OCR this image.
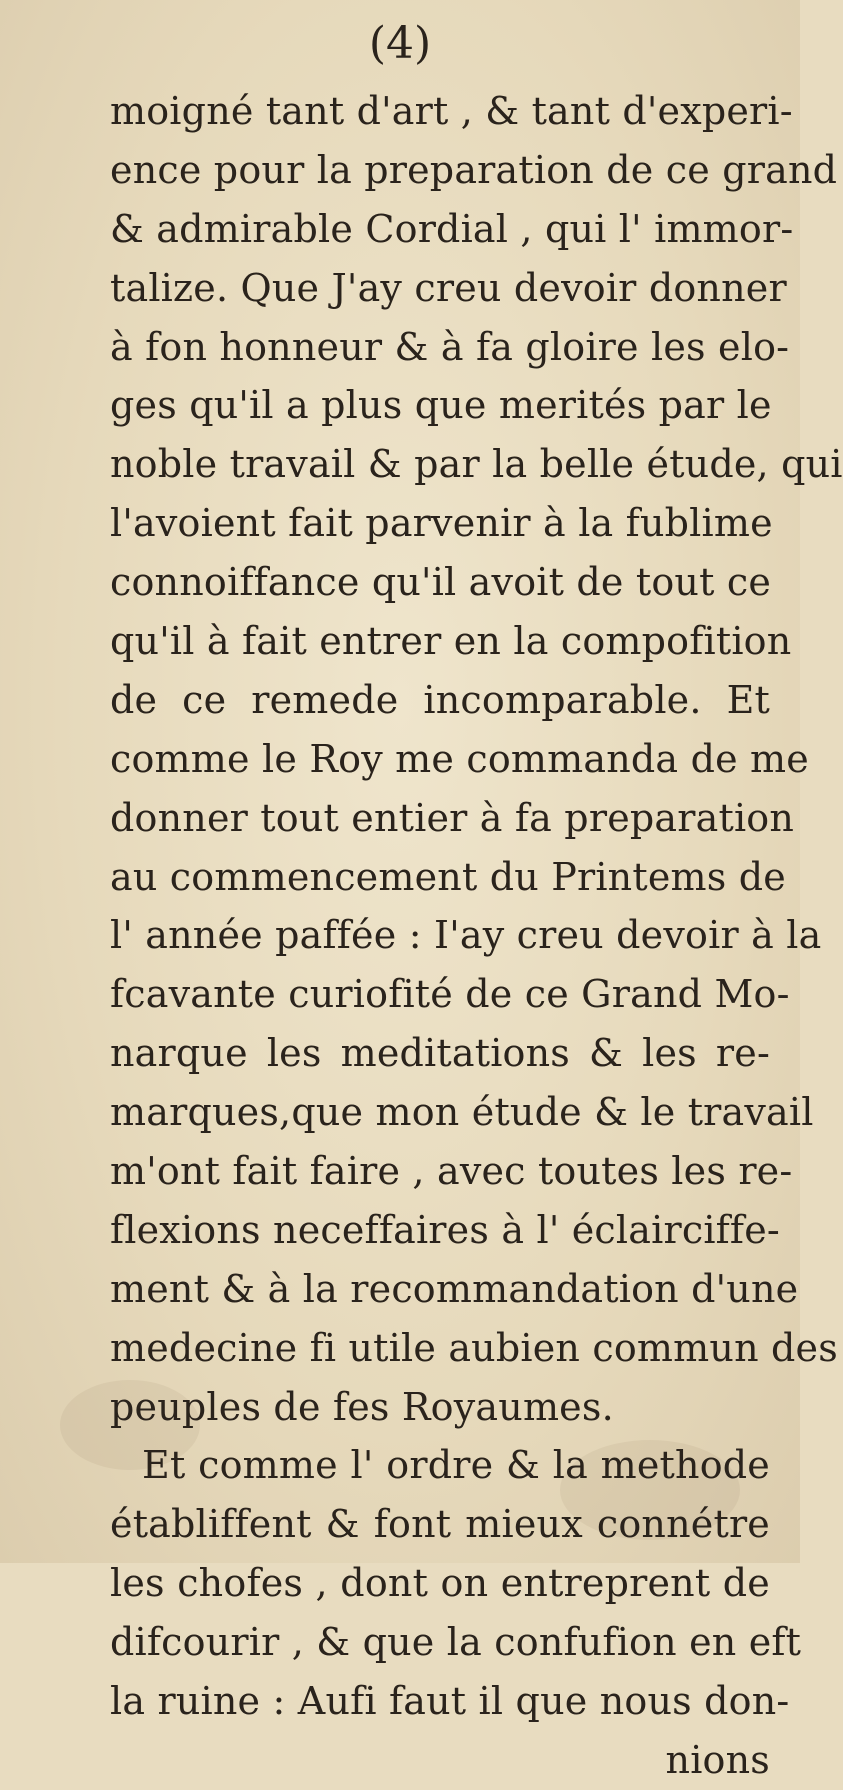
(4)
moigné tant d'art , & tant d'experi-
ence pour la preparation de ce grand
& admirable Cordial , qui l' immor-
talize. Que J'ay creu devoir donner
à fon honneur & à fa gloire les elo-
ges qu'il a plus que merités par le
noble travail & par la belle étude, qui
l'avoient fait parvenir à la fublime
connoiffance qu'il avoit de tout ce
qu'il à fait entrer en la compofition
de ce remede incomparable. Et
comme le Roy me commanda de me
donner tout entier à fa preparation
au commencement du Printems de
l' année paffée : I'ay creu devoir à la
fcavante curiofité de ce Grand Mo-
narque les meditations & les re-
marques,que mon étude & le travail
m'ont fait faire , avec toutes les re-
flexions neceffaires à l' éclairciffe-
ment & à la recommandation d'une
medecine fi utile aubien commun des
peuples de fes Royaumes.
Et comme l' ordre & la methode
établiffent & font mieux connétre
les chofes , dont on entreprent de
difcourir , & que la confufion en eft
la ruine : Aufi faut il que nous don-
nions
